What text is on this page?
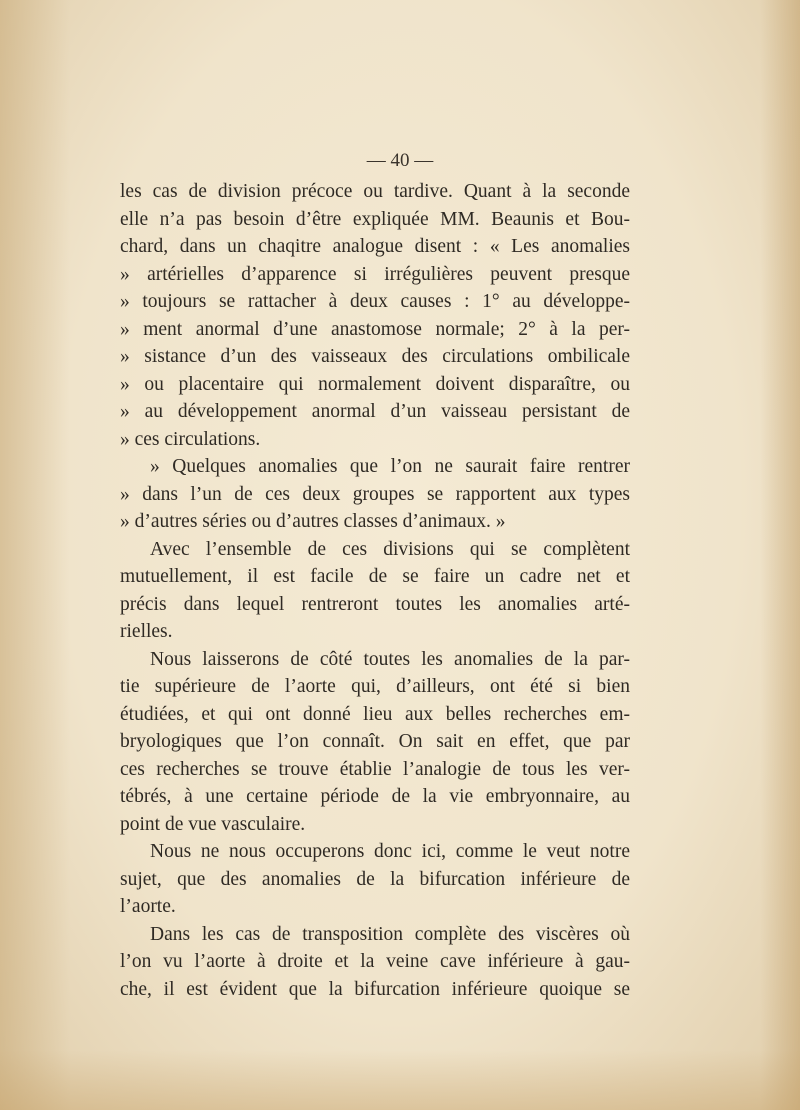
— 40 —
les cas de division précoce ou tardive. Quant à la seconde
elle n’a pas besoin d’être expliquée MM. Beaunis et Bou-
chard, dans un chaqitre analogue disent : « Les anomalies
» artérielles d’apparence si irrégulières peuvent presque
» toujours se rattacher à deux causes : 1° au développe-
» ment anormal d’une anastomose normale; 2° à la per-
» sistance d’un des vaisseaux des circulations ombilicale
» ou placentaire qui normalement doivent disparaître, ou
» au développement anormal d’un vaisseau persistant de
» ces circulations.
» Quelques anomalies que l’on ne saurait faire rentrer
» dans l’un de ces deux groupes se rapportent aux types
» d’autres séries ou d’autres classes d’animaux. »
Avec l’ensemble de ces divisions qui se complètent
mutuellement, il est facile de se faire un cadre net et
précis dans lequel rentreront toutes les anomalies arté-
rielles.
Nous laisserons de côté toutes les anomalies de la par-
tie supérieure de l’aorte qui, d’ailleurs, ont été si bien
étudiées, et qui ont donné lieu aux belles recherches em-
bryologiques que l’on connaît. On sait en effet, que par
ces recherches se trouve établie l’analogie de tous les ver-
tébrés, à une certaine période de la vie embryonnaire, au
point de vue vasculaire.
Nous ne nous occuperons donc ici, comme le veut notre
sujet, que des anomalies de la bifurcation inférieure de
l’aorte.
Dans les cas de transposition complète des viscères où
l’on vu l’aorte à droite et la veine cave inférieure à gau-
che, il est évident que la bifurcation inférieure quoique se
